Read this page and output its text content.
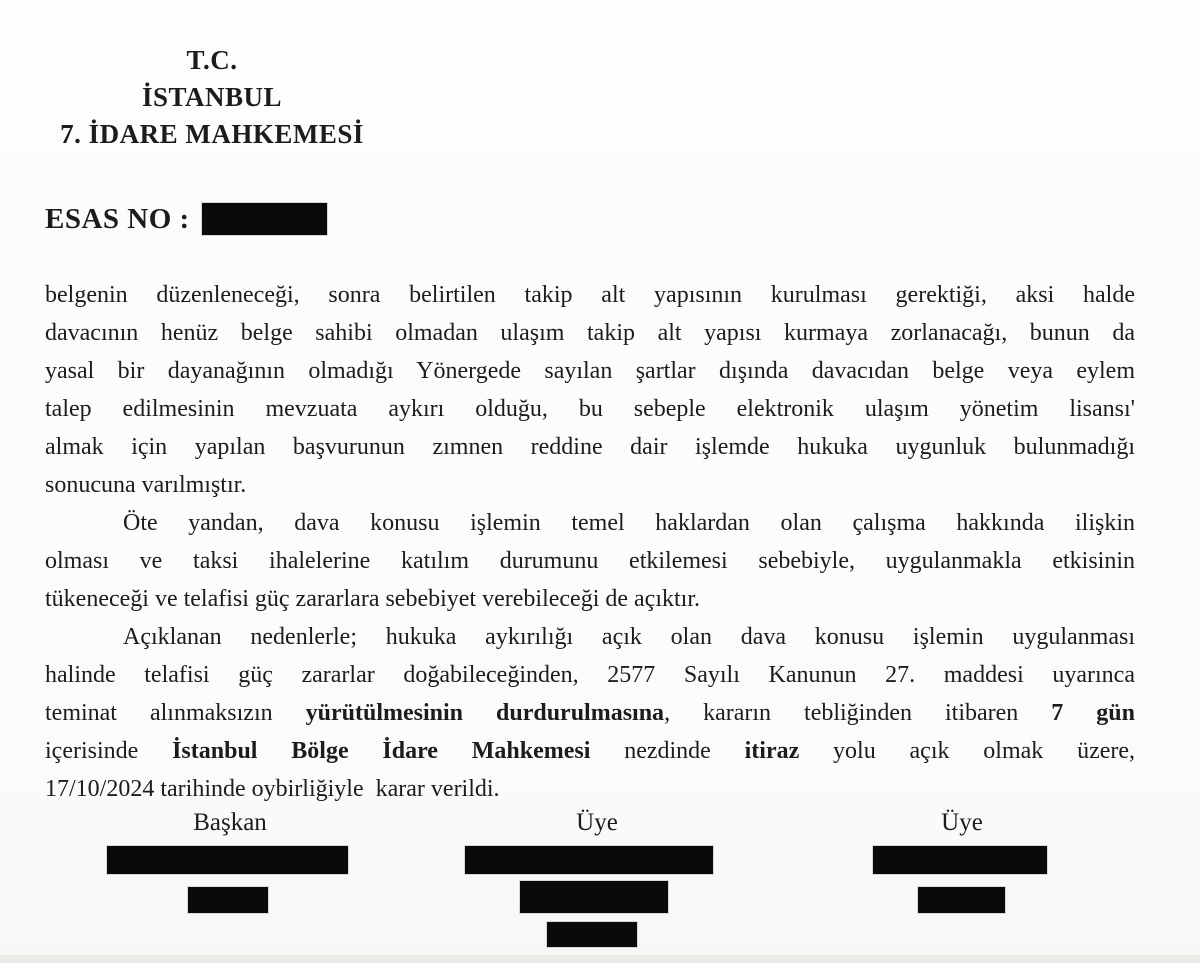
T.C.
İSTANBUL
7. İDARE MAHKEMESİ
ESAS NO :
belgenin düzenleneceği, sonra belirtilen takip alt yapısının kurulması gerektiği, aksi halde
davacının henüz belge sahibi olmadan ulaşım takip alt yapısı kurmaya zorlanacağı, bunun da
yasal bir dayanağının olmadığı Yönergede sayılan şartlar dışında davacıdan belge veya eylem
talep edilmesinin mevzuata aykırı olduğu, bu sebeple elektronik ulaşım yönetim lisansı'
almak için yapılan başvurunun zımnen reddine dair işlemde hukuka uygunluk bulunmadığı
sonucuna varılmıştır.
Öte yandan, dava konusu işlemin temel haklardan olan çalışma hakkında ilişkin
olması ve taksi ihalelerine katılım durumunu etkilemesi sebebiyle, uygulanmakla etkisinin
tükeneceği ve telafisi güç zararlara sebebiyet verebileceği de açıktır.
Açıklanan nedenlerle; hukuka aykırılığı açık olan dava konusu işlemin uygulanması
halinde telafisi güç zararlar doğabileceğinden, 2577 Sayılı Kanunun 27. maddesi uyarınca
teminat alınmaksızın yürütülmesinin durdurulmasına, kararın tebliğinden itibaren 7 gün
içerisinde İstanbul Bölge İdare Mahkemesi nezdinde itiraz yolu açık olmak üzere,
17/10/2024 tarihinde oybirliğiyle  karar verildi.
Başkan	Üye	Üye
